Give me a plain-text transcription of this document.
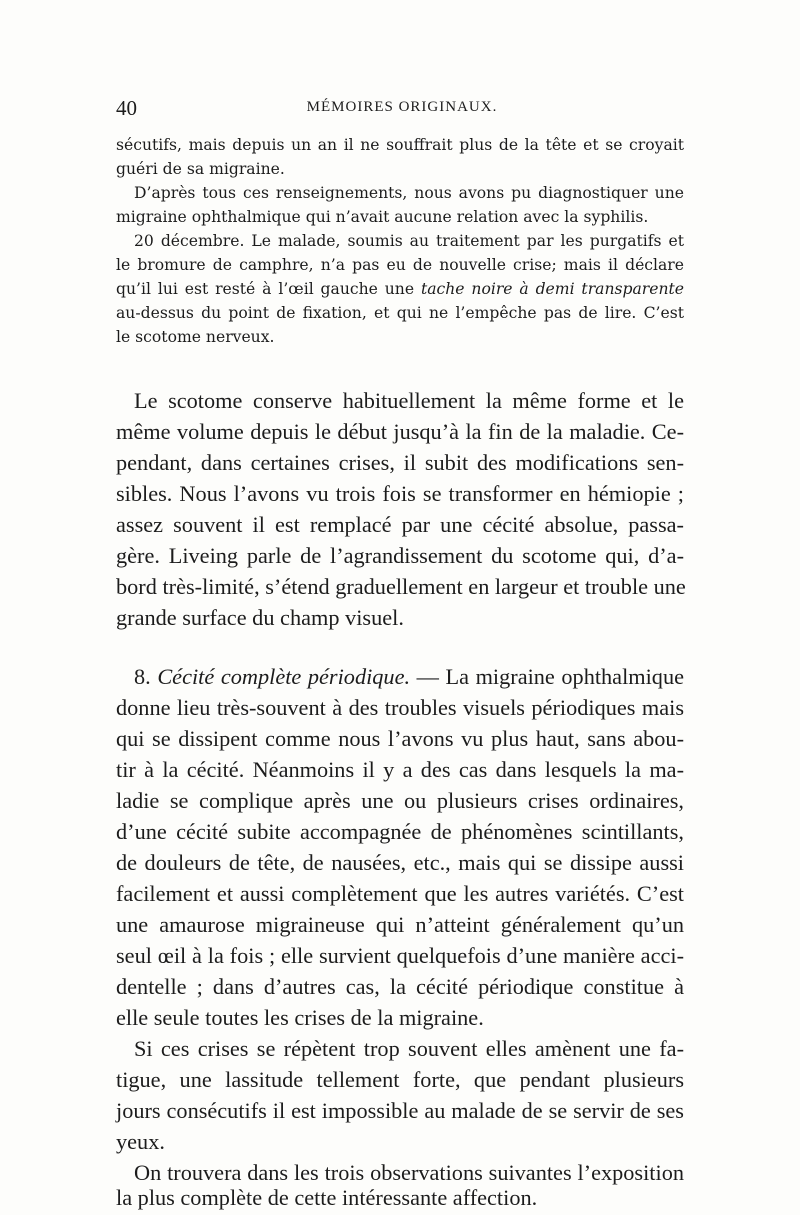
40	MÉMOIRES ORIGINAUX.
sécutifs, mais depuis un an il ne souffrait plus de la tête et se croyait
guéri de sa migraine.
D’après tous ces renseignements, nous avons pu diagnostiquer une
migraine ophthalmique qui n’avait aucune relation avec la syphilis.
20 décembre. Le malade, soumis au traitement par les purgatifs et
le bromure de camphre, n’a pas eu de nouvelle crise; mais il déclare
qu’il lui est resté à l’œil gauche une tache noire à demi transparente
au-dessus du point de fixation, et qui ne l’empêche pas de lire. C’est
le scotome nerveux.
Le scotome conserve habituellement la même forme et le
même volume depuis le début jusqu’à la fin de la maladie. Ce-
pendant, dans certaines crises, il subit des modifications sen-
sibles. Nous l’avons vu trois fois se transformer en hémiopie ;
assez souvent il est remplacé par une cécité absolue, passa-
gère. Liveing parle de l’agrandissement du scotome qui, d’a-
bord très-limité, s’étend graduellement en largeur et trouble une
grande surface du champ visuel.
8. Cécité complète périodique. — La migraine ophthalmique
donne lieu très-souvent à des troubles visuels périodiques mais
qui se dissipent comme nous l’avons vu plus haut, sans abou-
tir à la cécité. Néanmoins il y a des cas dans lesquels la ma-
ladie se complique après une ou plusieurs crises ordinaires,
d’une cécité subite accompagnée de phénomènes scintillants,
de douleurs de tête, de nausées, etc., mais qui se dissipe aussi
facilement et aussi complètement que les autres variétés. C’est
une amaurose migraineuse qui n’atteint généralement qu’un
seul œil à la fois ; elle survient quelquefois d’une manière acci-
dentelle ; dans d’autres cas, la cécité périodique constitue à
elle seule toutes les crises de la migraine.
Si ces crises se répètent trop souvent elles amènent une fa-
tigue, une lassitude tellement forte, que pendant plusieurs
jours consécutifs il est impossible au malade de se servir de ses
yeux.
On trouvera dans les trois observations suivantes l’exposition
la plus complète de cette intéressante affection.
